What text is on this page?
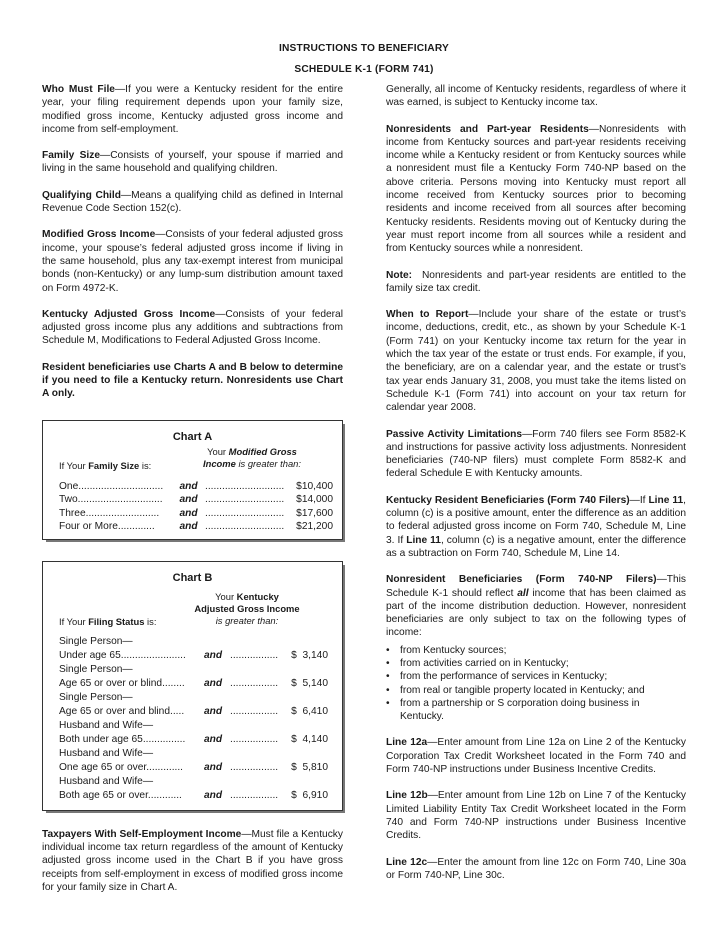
INSTRUCTIONS TO BENEFICIARY
SCHEDULE K-1 (FORM 741)

Who Must File—If you were a Kentucky resident for the entire year, your filing requirement depends upon your family size, modified gross income, Kentucky adjusted gross income and income from self-employment.

Family Size—Consists of yourself, your spouse if married and living in the same household and qualifying children.

Qualifying Child—Means a qualifying child as defined in Internal Revenue Code Section 152(c).

Modified Gross Income—Consists of your federal adjusted gross income, your spouse’s federal adjusted gross income if living in the same household, plus any tax-exempt interest from municipal bonds (non-Kentucky) or any lump-sum distribution amount taxed on Form 4972-K.

Kentucky Adjusted Gross Income—Consists of your federal adjusted gross income plus any additions and subtractions from Schedule M, Modifications to Federal Adjusted Gross Income.

Resident beneficiaries use Charts A and B below to determine if you need to file a Kentucky return. Nonresidents use Chart A only.

Chart A
Your Modified Gross
Income is greater than:
If Your Family Size is:
One..............................	and ............................	$10,400
Two..............................	and ............................	$14,000
Three..........................	and ............................	$17,600
Four or More.............	and ............................	$21,200
Chart B
Your Kentucky
Adjusted Gross Income
is greater than:
If Your Filing Status is:
Single Person—
Under age 65.......................	and .................	$  3,140
Single Person—
Age 65 or over or blind........	and .................	$  5,140
Single Person—
Age 65 or over and blind.....	and .................	$  6,410
Husband and Wife—
Both under age 65...............	and .................	$  4,140
Husband and Wife—
One age 65 or over.............	and .................	$  5,810
Husband and Wife—
Both age 65 or over............	and .................	$  6,910

Taxpayers With Self-Employment Income—Must file a Kentucky individual income tax return regardless of the amount of Kentucky adjusted gross income used in the Chart B if you have gross receipts from self-employment in excess of modified gross income for your family size in Chart A.

Generally, all income of Kentucky residents, regardless of where it was earned, is subject to Kentucky income tax.

Nonresidents and Part-year Residents—Nonresidents with income from Kentucky sources and part-year residents receiving income while a Kentucky resident or from Kentucky sources while a nonresident must file a Kentucky Form 740-NP based on the above criteria. Persons moving into Kentucky must report all income received from Kentucky sources prior to becoming residents and income received from all sources after becoming Kentucky residents. Residents moving out of Kentucky during the year must report income from all sources while a resident and from Kentucky sources while a nonresident.

Note:  Nonresidents and part-year residents are entitled to the family size tax credit.

When to Report—Include your share of the estate or trust’s income, deductions, credit, etc., as shown by your Schedule K-1 (Form 741) on your Kentucky income tax return for the year in which the tax year of the estate or trust ends. For example, if you, the beneficiary, are on a calendar year, and the estate or trust’s tax year ends January 31, 2008, you must take the items listed on Schedule K-1 (Form 741) into account on your tax return for calendar year 2008.

Passive Activity Limitations—Form 740 filers see Form 8582-K and instructions for passive activity loss adjustments. Nonresident beneficiaries (740-NP filers) must complete Form 8582-K and federal Schedule E with Kentucky amounts.

Kentucky Resident Beneficiaries (Form 740 Filers)—If Line 11, column (c) is a positive amount, enter the difference as an addition to federal adjusted gross income on Form 740, Schedule M, Line 3. If Line 11, column (c) is a negative amount, enter the difference as a subtraction on Form 740, Schedule M, Line 14.

Nonresident Beneficiaries (Form 740-NP Filers)—This Schedule K-1 should reflect all income that has been claimed as part of the income distribution deduction. However, nonresident beneficiaries are only subject to tax on the following types of income:

• from Kentucky sources;
• from activities carried on in Kentucky;
• from the performance of services in Kentucky;
• from real or tangible property located in Kentucky; and
• from a partnership or S corporation doing business in Kentucky.

Line 12a—Enter amount from Line 12a on Line 2 of the Kentucky Corporation Tax Credit Worksheet located in the Form 740 and Form 740-NP instructions under Business Incentive Credits.

Line 12b—Enter amount from Line 12b on Line 7 of the Kentucky Limited Liability Entity Tax Credit Worksheet located in the Form 740 and Form 740-NP instructions under Business Incentive Credits.

Line 12c—Enter the amount from line 12c on Form 740, Line 30a or Form 740-NP, Line 30c.
